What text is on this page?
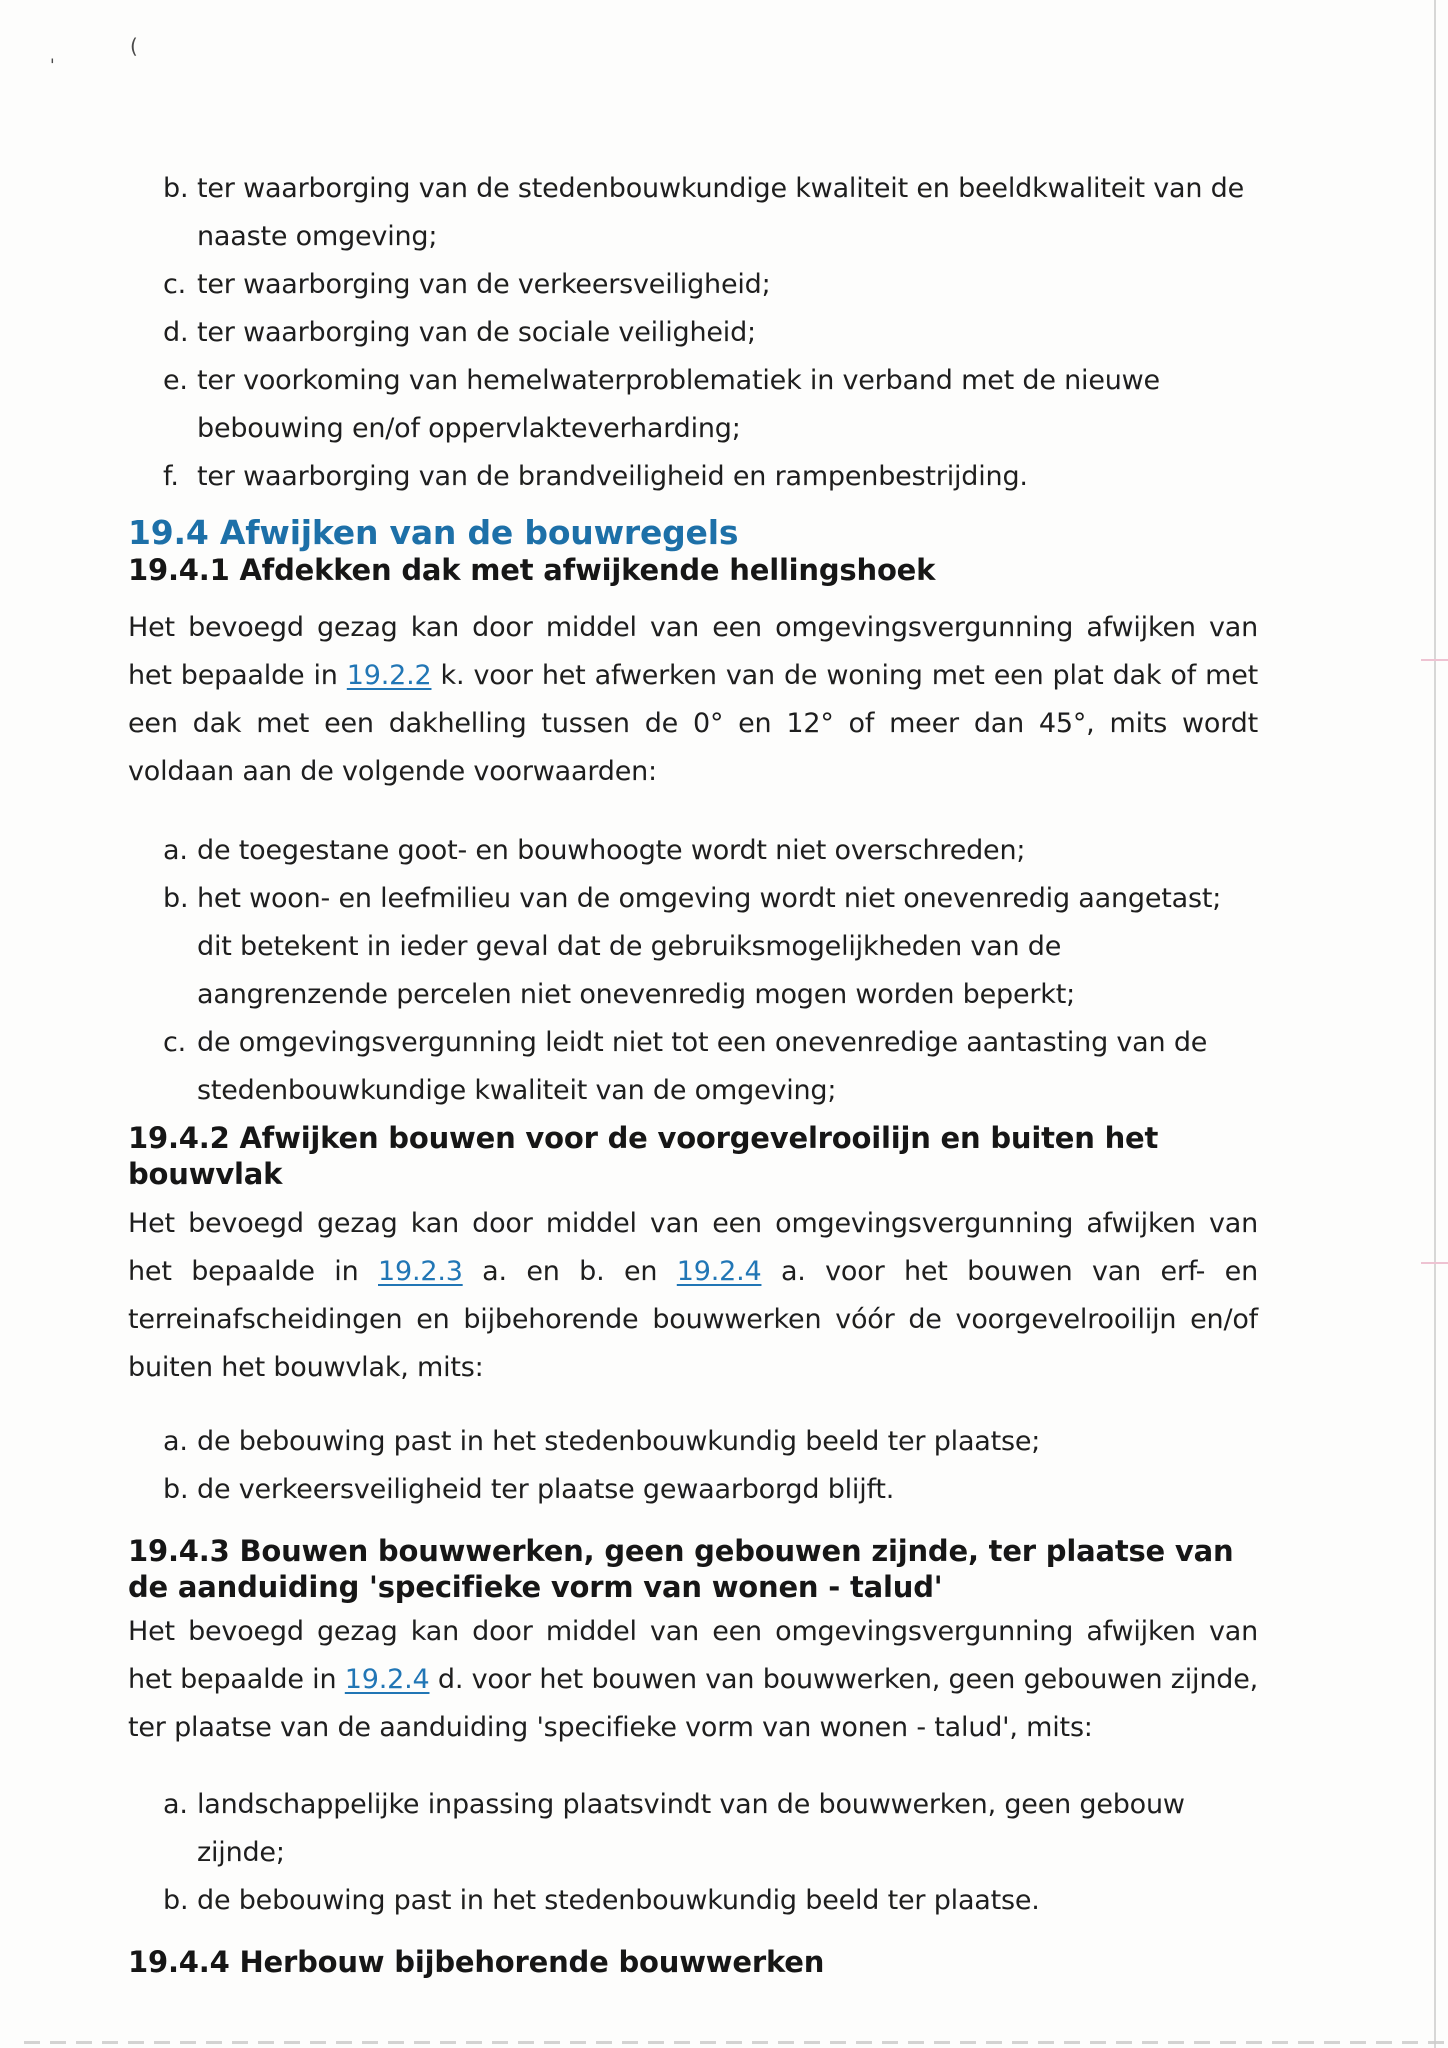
(
'
b. ter waarborging van de stedenbouwkundige kwaliteit en beeldkwaliteit van de naaste omgeving;
c. ter waarborging van de verkeersveiligheid;
d. ter waarborging van de sociale veiligheid;
e. ter voorkoming van hemelwaterproblematiek in verband met de nieuwe bebouwing en/of oppervlakteverharding;
f. ter waarborging van de brandveiligheid en rampenbestrijding.
19.4 Afwijken van de bouwregels
19.4.1 Afdekken dak met afwijkende hellingshoek

Het bevoegd gezag kan door middel van een omgevingsvergunning afwijken van het bepaalde in 19.2.2 k. voor het afwerken van de woning met een plat dak of met een dak met een dakhelling tussen de 0° en 12° of meer dan 45°, mits wordt voldaan aan de volgende voorwaarden:

a. de toegestane goot- en bouwhoogte wordt niet overschreden;
b. het woon- en leefmilieu van de omgeving wordt niet onevenredig aangetast; dit betekent in ieder geval dat de gebruiksmogelijkheden van de aangrenzende percelen niet onevenredig mogen worden beperkt;
c. de omgevingsvergunning leidt niet tot een onevenredige aantasting van de stedenbouwkundige kwaliteit van de omgeving;
19.4.2 Afwijken bouwen voor de voorgevelrooilijn en buiten het bouwvlak

Het bevoegd gezag kan door middel van een omgevingsvergunning afwijken van het bepaalde in 19.2.3 a. en b. en 19.2.4 a. voor het bouwen van erf- en terreinafscheidingen en bijbehorende bouwwerken vóór de voorgevelrooilijn en/of buiten het bouwvlak, mits:

a. de bebouwing past in het stedenbouwkundig beeld ter plaatse;
b. de verkeersveiligheid ter plaatse gewaarborgd blijft.
19.4.3 Bouwen bouwwerken, geen gebouwen zijnde, ter plaatse van de aanduiding 'specifieke vorm van wonen - talud'

Het bevoegd gezag kan door middel van een omgevingsvergunning afwijken van het bepaalde in 19.2.4 d. voor het bouwen van bouwwerken, geen gebouwen zijnde, ter plaatse van de aanduiding 'specifieke vorm van wonen - talud', mits:

a. landschappelijke inpassing plaatsvindt van de bouwwerken, geen gebouw zijnde;
b. de bebouwing past in het stedenbouwkundig beeld ter plaatse.
19.4.4 Herbouw bijbehorende bouwwerken
